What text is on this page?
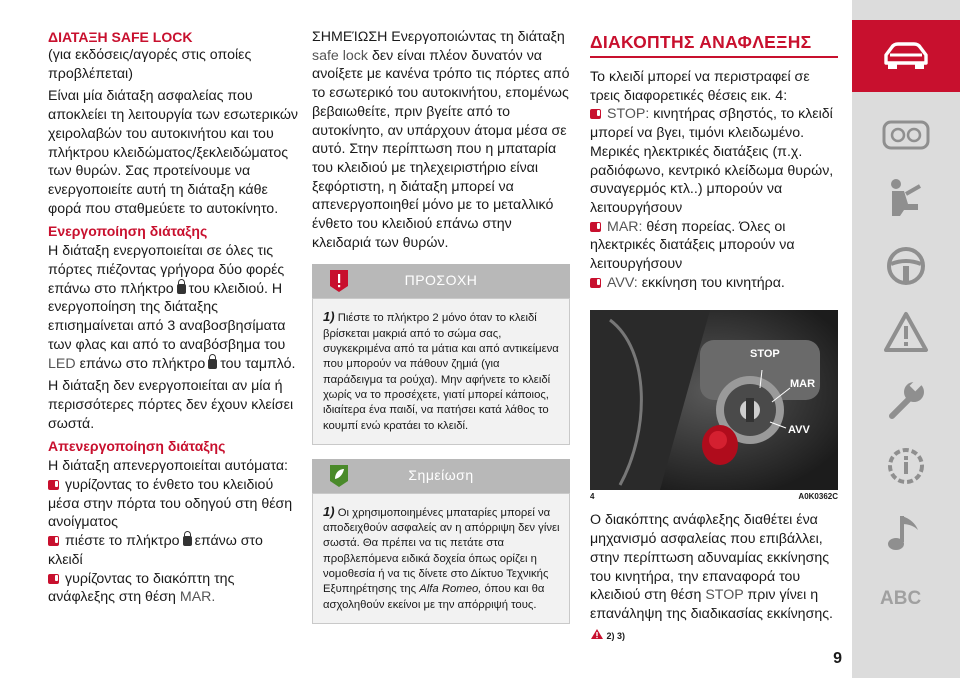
ΔΙΑΤΑΞΗ SAFE LOCK

(για εκδόσεις/αγορές στις οποίες προβλέπεται)

Είναι μία διάταξη ασφαλείας που αποκλείει τη λειτουργία των εσωτερικών χειρολαβών του αυτοκινήτου και του πλήκτρου κλειδώματος/ξεκλειδώματος των θυρών. Σας προτείνουμε να ενεργοποιείτε αυτή τη διάταξη κάθε φορά που σταθμεύετε το αυτοκίνητο.

Ενεργοποίηση διάταξης

Η διάταξη ενεργοποιείται σε όλες τις πόρτες πιέζοντας γρήγορα δύο φορές επάνω στο πλήκτρο του κλειδιού. Η ενεργοποίηση της διάταξης επισημαίνεται από 3 αναβοσβησίματα των φλας και από το αναβόσβημα του LED επάνω στο πλήκτρο του ταμπλό.

Η διάταξη δεν ενεργοποιείται αν μία ή περισσότερες πόρτες δεν έχουν κλείσει σωστά.

Απενεργοποίηση διάταξης

Η διάταξη απενεργοποιείται αυτόματα:

γυρίζοντας το ένθετο του κλειδιού μέσα στην πόρτα του οδηγού στη θέση ανοίγματος

πιέστε το πλήκτρο επάνω στο κλειδί

γυρίζοντας το διακόπτη της ανάφλεξης στη θέση MAR.

ΣΗΜΕΊΩΣΗ Ενεργοποιώντας τη διάταξη safe lock δεν είναι πλέον δυνατόν να ανοίξετε με κανένα τρόπο τις πόρτες από το εσωτερικό του αυτοκινήτου, επομένως βεβαιωθείτε, πριν βγείτε από το αυτοκίνητο, αν υπάρχουν άτομα μέσα σε αυτό. Στην περίπτωση που η μπαταρία του κλειδιού με τηλεχειριστήριο είναι ξεφόρτιστη, η διάταξη μπορεί να απενεργοποιηθεί μόνο με το μεταλλικό ένθετο του κλειδιού επάνω στην κλειδαριά των θυρών.

ΠΡΟΣΟΧΗ
1) Πιέστε το πλήκτρο 2 μόνο όταν το κλειδί βρίσκεται μακριά από το σώμα σας, συγκεκριμένα από τα μάτια και από αντικείμενα που μπορούν να πάθουν ζημιά (για παράδειγμα τα ρούχα). Μην αφήνετε το κλειδί χωρίς να το προσέχετε, γιατί μπορεί κάποιος, ιδιαίτερα ένα παιδί, να πατήσει κατά λάθος το κουμπί ενώ κρατάει το κλειδί.
Σημείωση
1) Οι χρησιμοποιημένες μπαταρίες μπορεί να αποδειχθούν ασφαλείς αν η απόρριψη δεν γίνει σωστά. Θα πρέπει να τις πετάτε στα προβλεπόμενα ειδικά δοχεία όπως ορίζει η νομοθεσία ή να τις δίνετε στο Δίκτυο Τεχνικής Εξυπηρέτησης της Alfa Romeo, όπου και θα ασχοληθούν εκείνοι με την απόρριψή τους.
ΔΙΑΚΟΠΤΗΣ ΑΝΑΦΛΕΞΗΣ

Το κλειδί μπορεί να περιστραφεί σε τρεις διαφορετικές θέσεις εικ. 4:

STOP: κινητήρας σβηστός, το κλειδί μπορεί να βγει, τιμόνι κλειδωμένο. Μερικές ηλεκτρικές διατάξεις (π.χ. ραδιόφωνο, κεντρικό κλείδωμα θυρών, συναγερμός κτλ..) μπορούν να λειτουργήσουν

MAR: θέση πορείας. Όλες οι ηλεκτρικές διατάξεις μπορούν να λειτουργήσουν

AVV: εκκίνηση του κινητήρα.

STOP
MAR
AVV
4	A0K0362C

Ο διακόπτης ανάφλεξης διαθέτει ένα μηχανισμό ασφαλείας που επιβάλλει, στην περίπτωση αδυναμίας εκκίνησης του κινητήρα, την επαναφορά του κλειδιού στη θέση STOP πριν γίνει η επανάληψη της διαδικασίας εκκίνησης.

2) 3)
ABC
9
